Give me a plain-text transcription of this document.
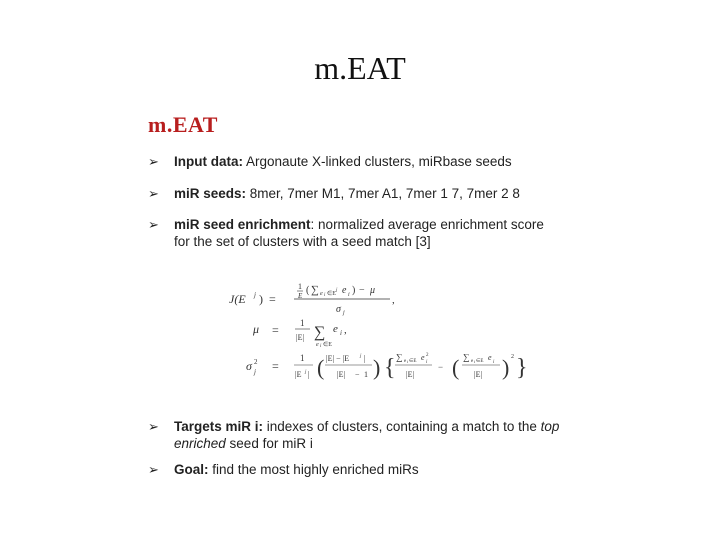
m.EAT
m.EAT
➢ Input data: Argonaute X-linked clusters, miRbase seeds
➢ miR seeds: 8mer, 7mer M1, 7mer A1, 7mer 1 7, 7mer 2 8
➢ miR seed enrichment: normalized average enrichment score
for the set of clusters with a seed match [3]
J(E j ) =
1
E ( ∑ e i ∈E
j e i ) − μ
σ j
,
μ = 1
|E| ∑
e i ∈E
e i ,
σ 2
j =
1
|E j | ( |E| − |E j |
|E| − 1 ) { ∑ e i ∈E e 2
i
|E|
− ( ∑ e i ∈E e
i
|E| ) 2 }
➢ Targets miR i: indexes of clusters, containing a match to the top
enriched seed for miR i
➢ Goal: find the most highly enriched miRs
